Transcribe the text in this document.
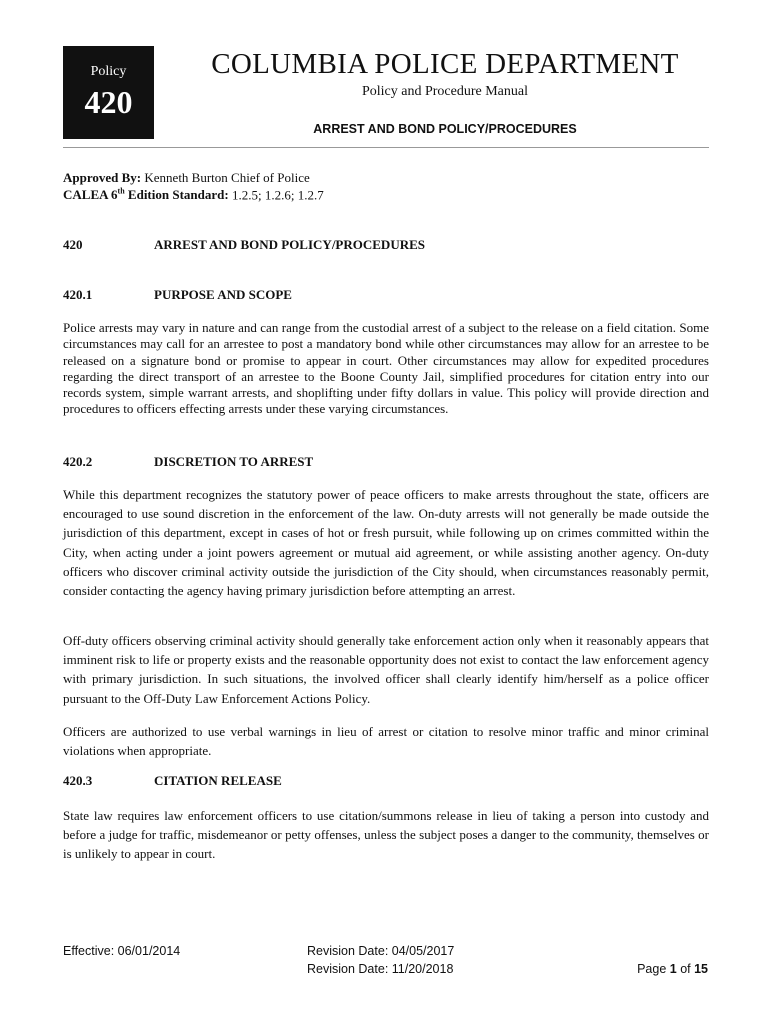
Policy
420
COLUMBIA POLICE DEPARTMENT
Policy and Procedure Manual
ARREST AND BOND POLICY/PROCEDURES
Approved By: Kenneth Burton Chief of Police
CALEA 6th Edition Standard: 1.2.5; 1.2.6; 1.2.7
420	ARREST AND BOND POLICY/PROCEDURES
420.1	PURPOSE AND SCOPE
Police arrests may vary in nature and can range from the custodial arrest of a subject to the release on a field citation. Some circumstances may call for an arrestee to post a mandatory bond while other circumstances may allow for an arrestee to be released on a signature bond or promise to appear in court. Other circumstances may allow for expedited procedures regarding the direct transport of an arrestee to the Boone County Jail, simplified procedures for citation entry into our records system, simple warrant arrests, and shoplifting under fifty dollars in value. This policy will provide direction and procedures to officers effecting arrests under these varying circumstances.
420.2	DISCRETION TO ARREST
While this department recognizes the statutory power of peace officers to make arrests throughout the state, officers are encouraged to use sound discretion in the enforcement of the law. On-duty arrests will not generally be made outside the jurisdiction of this department, except in cases of hot or fresh pursuit, while following up on crimes committed within the City, when acting under a joint powers agreement or mutual aid agreement, or while assisting another agency. On-duty officers who discover criminal activity outside the jurisdiction of the City should, when circumstances reasonably permit, consider contacting the agency having primary jurisdiction before attempting an arrest.
Off-duty officers observing criminal activity should generally take enforcement action only when it reasonably appears that imminent risk to life or property exists and the reasonable opportunity does not exist to contact the law enforcement agency with primary jurisdiction. In such situations, the involved officer shall clearly identify him/herself as a police officer pursuant to the Off-Duty Law Enforcement Actions Policy.
Officers are authorized to use verbal warnings in lieu of arrest or citation to resolve minor traffic and minor criminal violations when appropriate.
420.3	CITATION RELEASE
State law requires law enforcement officers to use citation/summons release in lieu of taking a person into custody and before a judge for traffic, misdemeanor or petty offenses, unless the subject poses a danger to the community, themselves or is unlikely to appear in court.
Effective: 06/01/2014	Revision Date: 04/05/2017
Revision Date: 11/20/2018	Page 1 of 15
